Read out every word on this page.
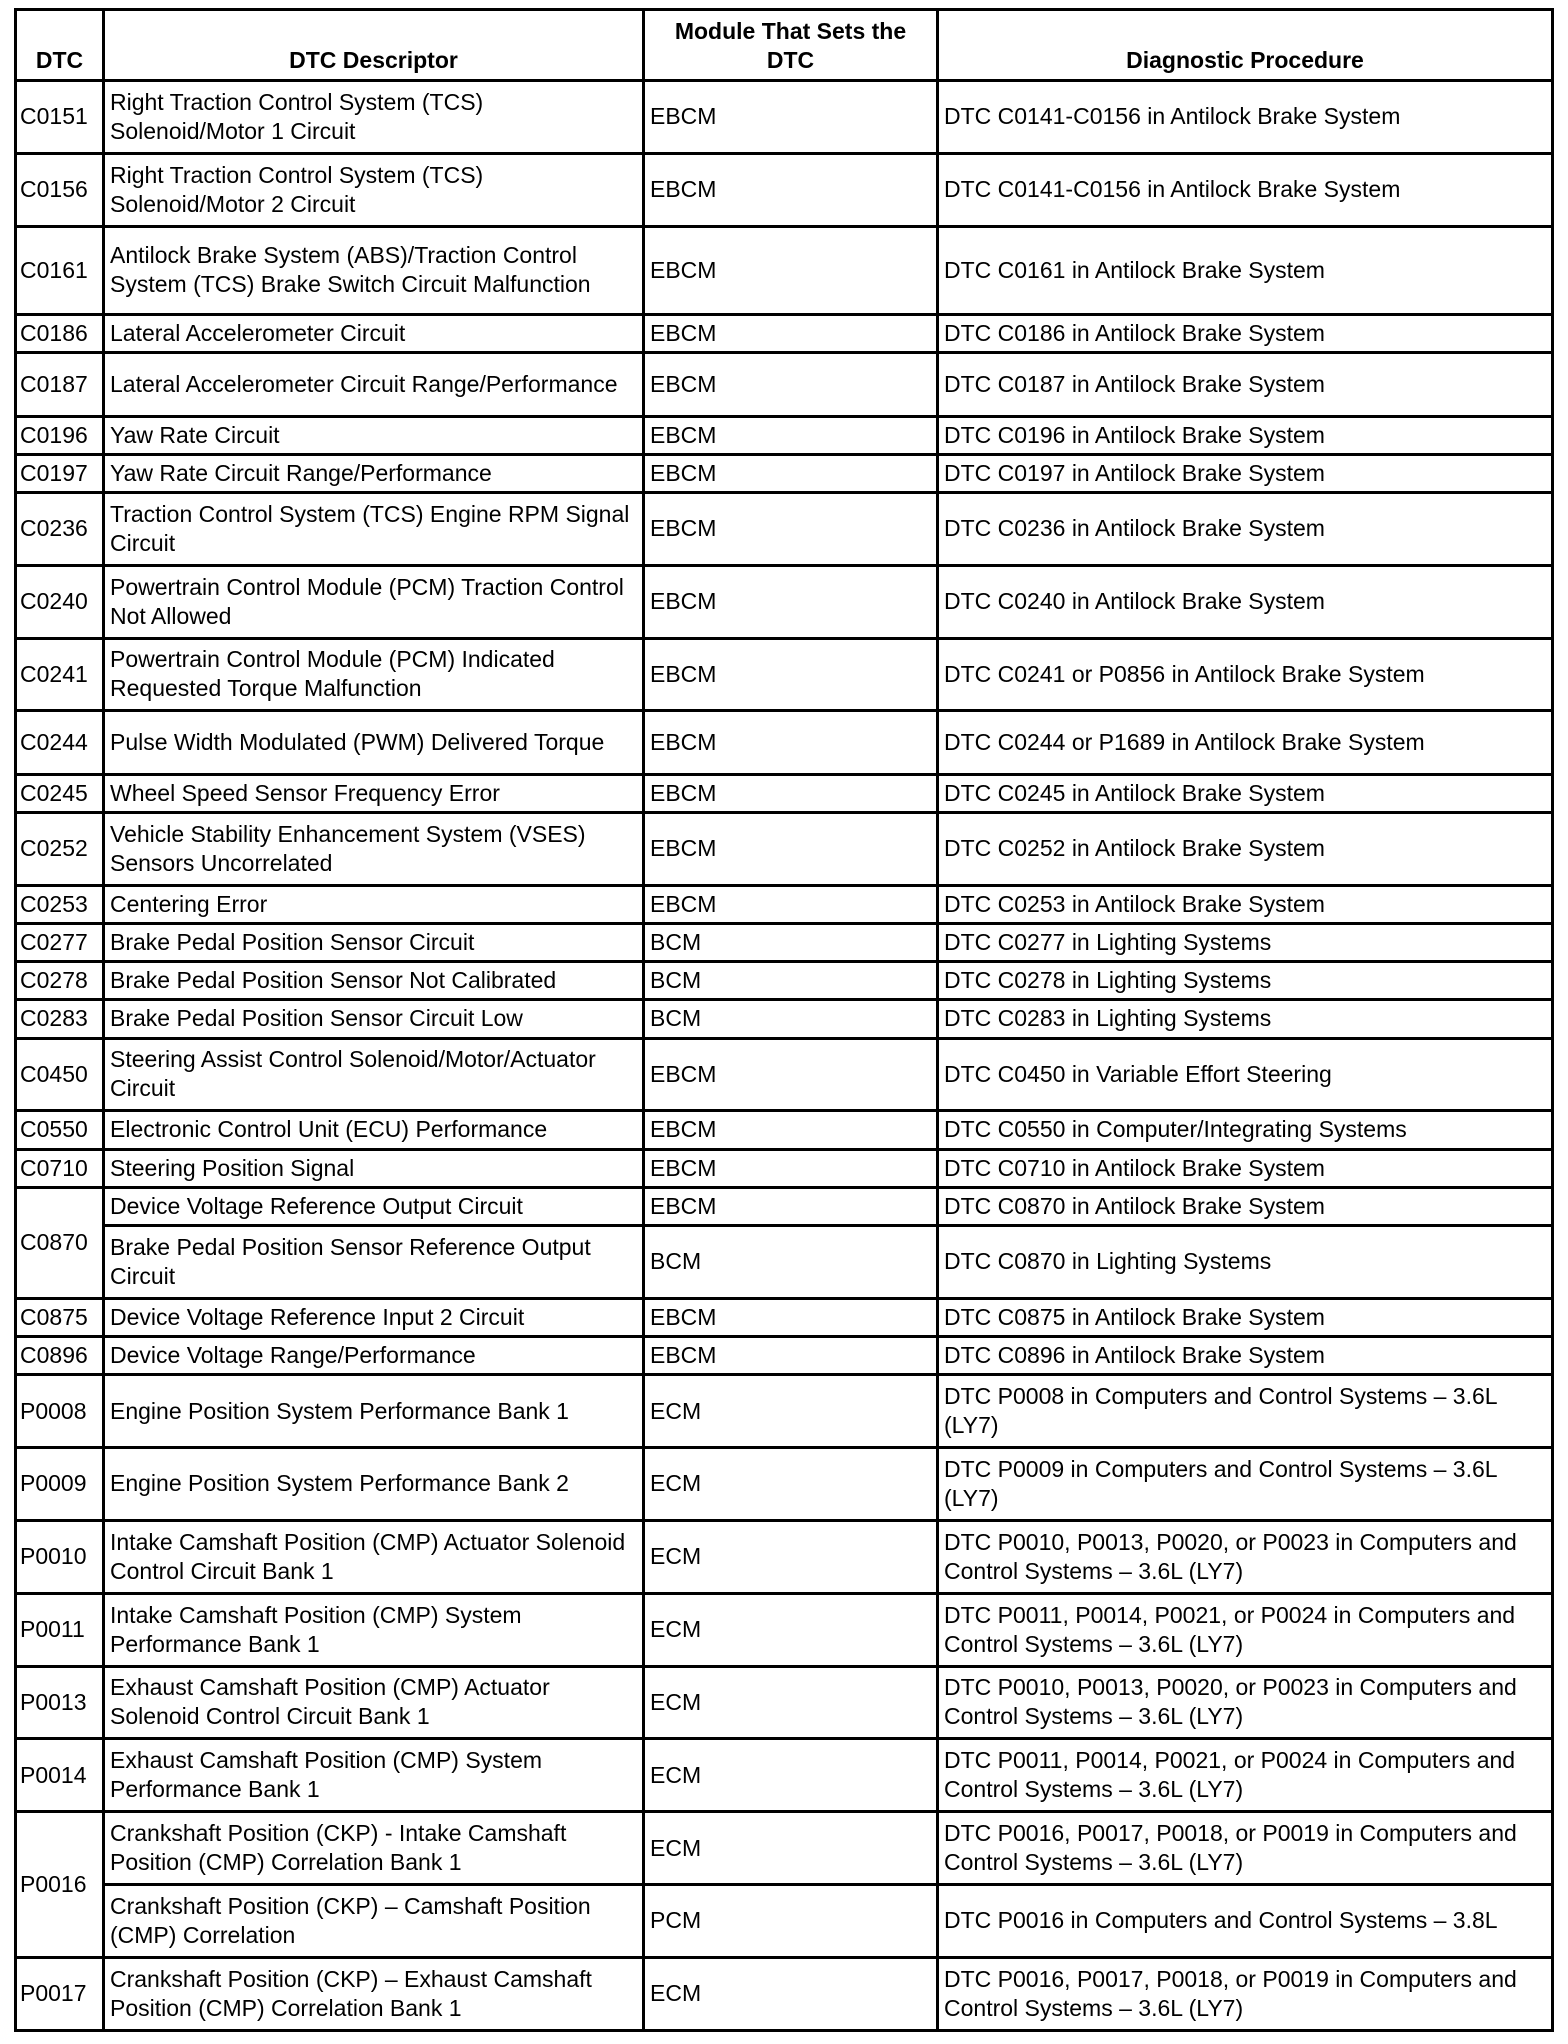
DTC	DTC Descriptor	Module That Sets the DTC	Diagnostic Procedure
C0151	Right Traction Control System (TCS) Solenoid/Motor 1 Circuit	EBCM	DTC C0141-C0156 in Antilock Brake System
C0156	Right Traction Control System (TCS) Solenoid/Motor 2 Circuit	EBCM	DTC C0141-C0156 in Antilock Brake System
C0161	Antilock Brake System (ABS)/Traction Control System (TCS) Brake Switch Circuit Malfunction	EBCM	DTC C0161 in Antilock Brake System
C0186	Lateral Accelerometer Circuit	EBCM	DTC C0186 in Antilock Brake System
C0187	Lateral Accelerometer Circuit Range/Performance	EBCM	DTC C0187 in Antilock Brake System
C0196	Yaw Rate Circuit	EBCM	DTC C0196 in Antilock Brake System
C0197	Yaw Rate Circuit Range/Performance	EBCM	DTC C0197 in Antilock Brake System
C0236	Traction Control System (TCS) Engine RPM Signal Circuit	EBCM	DTC C0236 in Antilock Brake System
C0240	Powertrain Control Module (PCM) Traction Control Not Allowed	EBCM	DTC C0240 in Antilock Brake System
C0241	Powertrain Control Module (PCM) Indicated Requested Torque Malfunction	EBCM	DTC C0241 or P0856 in Antilock Brake System
C0244	Pulse Width Modulated (PWM) Delivered Torque	EBCM	DTC C0244 or P1689 in Antilock Brake System
C0245	Wheel Speed Sensor Frequency Error	EBCM	DTC C0245 in Antilock Brake System
C0252	Vehicle Stability Enhancement System (VSES) Sensors Uncorrelated	EBCM	DTC C0252 in Antilock Brake System
C0253	Centering Error	EBCM	DTC C0253 in Antilock Brake System
C0277	Brake Pedal Position Sensor Circuit	BCM	DTC C0277 in Lighting Systems
C0278	Brake Pedal Position Sensor Not Calibrated	BCM	DTC C0278 in Lighting Systems
C0283	Brake Pedal Position Sensor Circuit Low	BCM	DTC C0283 in Lighting Systems
C0450	Steering Assist Control Solenoid/Motor/Actuator Circuit	EBCM	DTC C0450 in Variable Effort Steering
C0550	Electronic Control Unit (ECU) Performance	EBCM	DTC C0550 in Computer/Integrating Systems
C0710	Steering Position Signal	EBCM	DTC C0710 in Antilock Brake System
C0870	Device Voltage Reference Output Circuit	EBCM	DTC C0870 in Antilock Brake System
	Brake Pedal Position Sensor Reference Output Circuit	BCM	DTC C0870 in Lighting Systems
C0875	Device Voltage Reference Input 2 Circuit	EBCM	DTC C0875 in Antilock Brake System
C0896	Device Voltage Range/Performance	EBCM	DTC C0896 in Antilock Brake System
P0008	Engine Position System Performance Bank 1	ECM	DTC P0008 in Computers and Control Systems – 3.6L (LY7)
P0009	Engine Position System Performance Bank 2	ECM	DTC P0009 in Computers and Control Systems – 3.6L (LY7)
P0010	Intake Camshaft Position (CMP) Actuator Solenoid Control Circuit Bank 1	ECM	DTC P0010, P0013, P0020, or P0023 in Computers and Control Systems – 3.6L (LY7)
P0011	Intake Camshaft Position (CMP) System Performance Bank 1	ECM	DTC P0011, P0014, P0021, or P0024 in Computers and Control Systems – 3.6L (LY7)
P0013	Exhaust Camshaft Position (CMP) Actuator Solenoid Control Circuit Bank 1	ECM	DTC P0010, P0013, P0020, or P0023 in Computers and Control Systems – 3.6L (LY7)
P0014	Exhaust Camshaft Position (CMP) System Performance Bank 1	ECM	DTC P0011, P0014, P0021, or P0024 in Computers and Control Systems – 3.6L (LY7)
P0016	Crankshaft Position (CKP) - Intake Camshaft Position (CMP) Correlation Bank 1	ECM	DTC P0016, P0017, P0018, or P0019 in Computers and Control Systems – 3.6L (LY7)
	Crankshaft Position (CKP) – Camshaft Position (CMP) Correlation	PCM	DTC P0016 in Computers and Control Systems – 3.8L
P0017	Crankshaft Position (CKP) – Exhaust Camshaft Position (CMP) Correlation Bank 1	ECM	DTC P0016, P0017, P0018, or P0019 in Computers and Control Systems – 3.6L (LY7)
